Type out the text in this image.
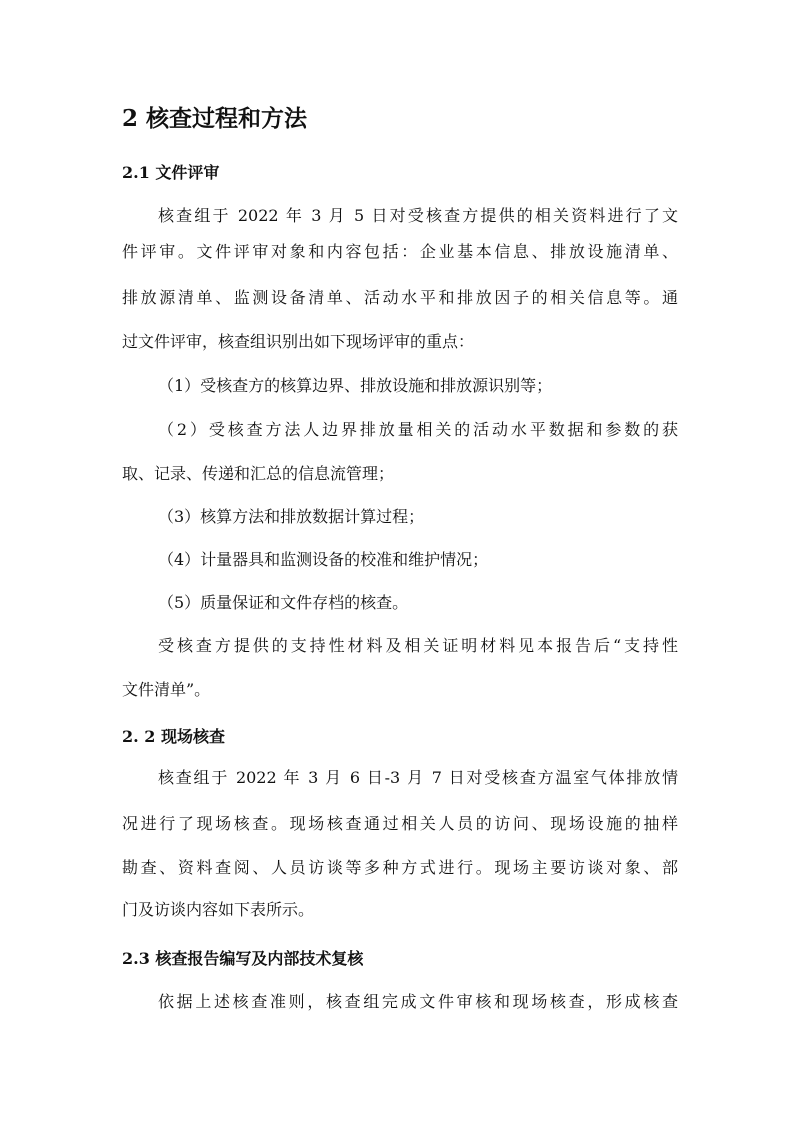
2 核查过程和方法
2.1 文件评审
核查组于 2022 年 3 月 5 日对受核查方提供的相关资料进行了文
件评审。文件评审对象和内容包括：企业基本信息、排放设施清单、
排放源清单、监测设备清单、活动水平和排放因子的相关信息等。通
过文件评审，核查组识别出如下现场评审的重点：
（1）受核查方的核算边界、排放设施和排放源识别等；
（2）受核查方法人边界排放量相关的活动水平数据和参数的获
取、记录、传递和汇总的信息流管理；
（3）核算方法和排放数据计算过程；
（4）计量器具和监测设备的校准和维护情况；
（5）质量保证和文件存档的核查。
受核查方提供的支持性材料及相关证明材料见本报告后“支持性
文件清单”。
2. 2 现场核查
核查组于 2022 年 3 月 6 日-3 月 7 日对受核查方温室气体排放情
况进行了现场核查。现场核查通过相关人员的访问、现场设施的抽样
勘查、资料查阅、人员访谈等多种方式进行。现场主要访谈对象、部
门及访谈内容如下表所示。
2.3 核查报告编写及内部技术复核
依据上述核查准则，核查组完成文件审核和现场核查，形成核查
